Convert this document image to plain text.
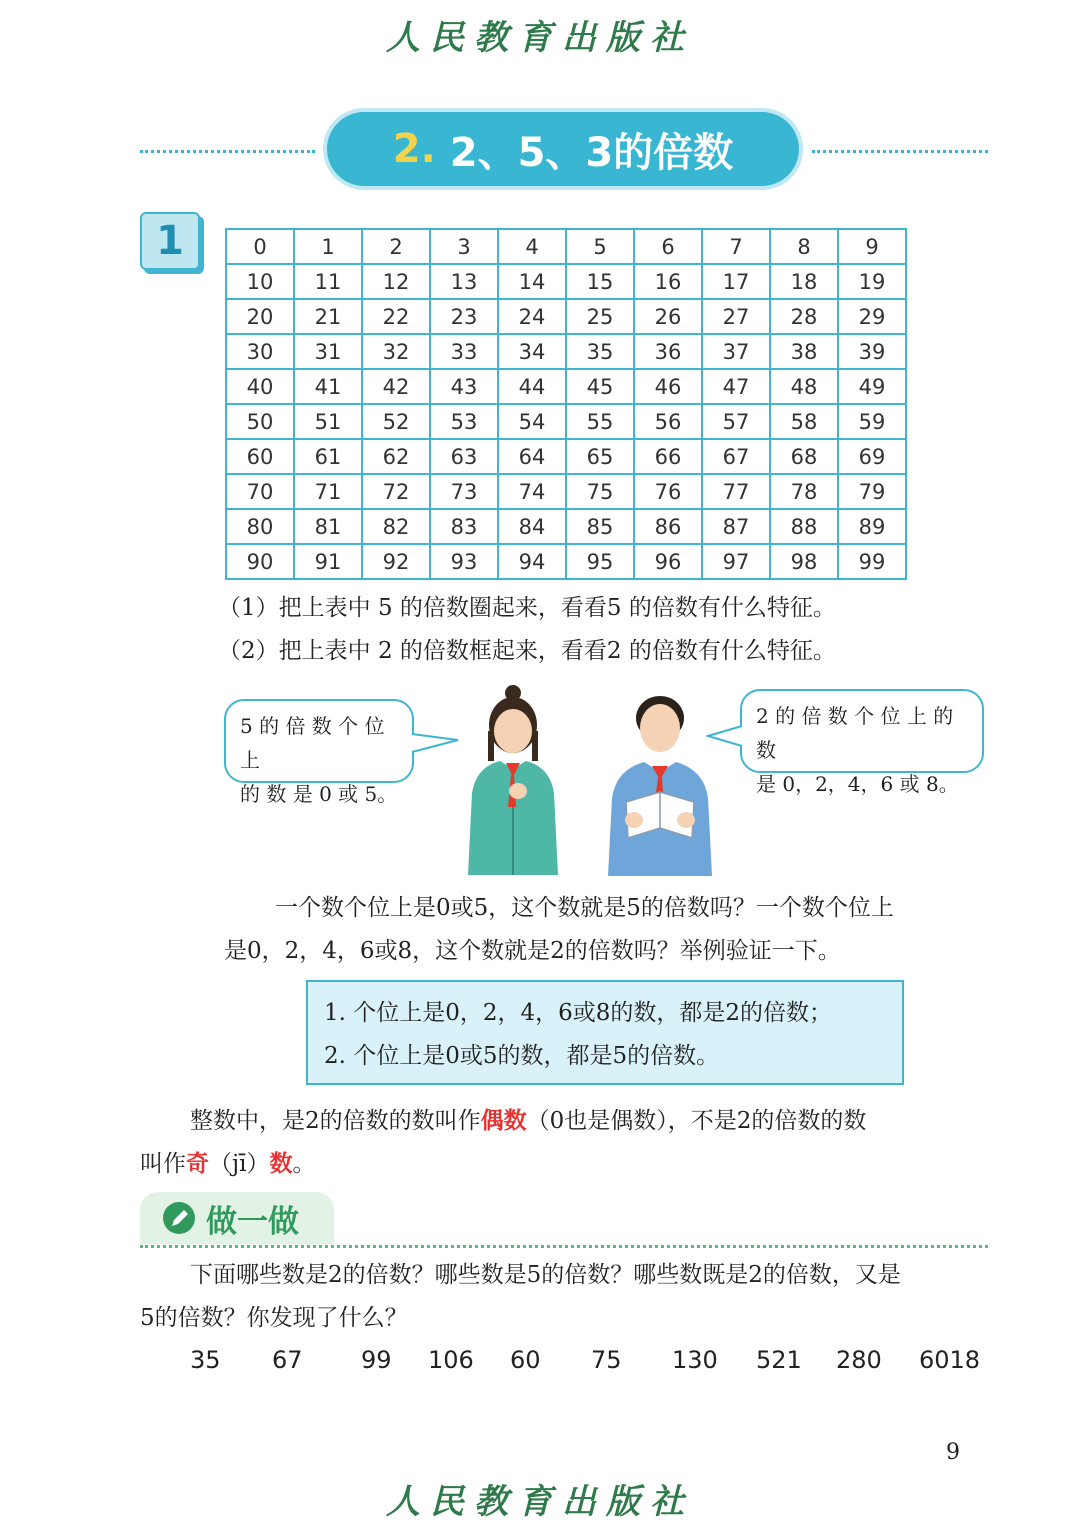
人民教育出版社
2. 2、5、3的倍数
1	0	1	2	3	4	5	6	7	8	9
10	11	12	13	14	15	16	17	18	19
20	21	22	23	24	25	26	27	28	29
30	31	32	33	34	35	36	37	38	39
40	41	42	43	44	45	46	47	48	49
50	51	52	53	54	55	56	57	58	59
60	61	62	63	64	65	66	67	68	69
70	71	72	73	74	75	76	77	78	79
80	81	82	83	84	85	86	87	88	89
90	91	92	93	94	95	96	97	98	99
（1）把上表中 5 的倍数圈起来，看看5 的倍数有什么特征。
（2）把上表中 2 的倍数框起来，看看2 的倍数有什么特征。
5 的 倍 数 个 位 上
的 数 是 0 或 5。
2 的 倍 数 个 位 上 的 数
是 0，2，4，6 或 8。
一个数个位上是0或5，这个数就是5的倍数吗？一个数个位上
是0，2，4，6或8，这个数就是2的倍数吗？举例验证一下。
1. 个位上是0，2，4，6或8的数，都是2的倍数；
2. 个位上是0或5的数，都是5的倍数。
整数中，是2的倍数的数叫作偶数（0也是偶数），不是2的倍数的数
叫作奇（jī）数。
做一做
下面哪些数是2的倍数？哪些数是5的倍数？哪些数既是2的倍数，又是
5的倍数？你发现了什么？
35 67 99 106 60 75 130 521 280 6018
9
人民教育出版社
